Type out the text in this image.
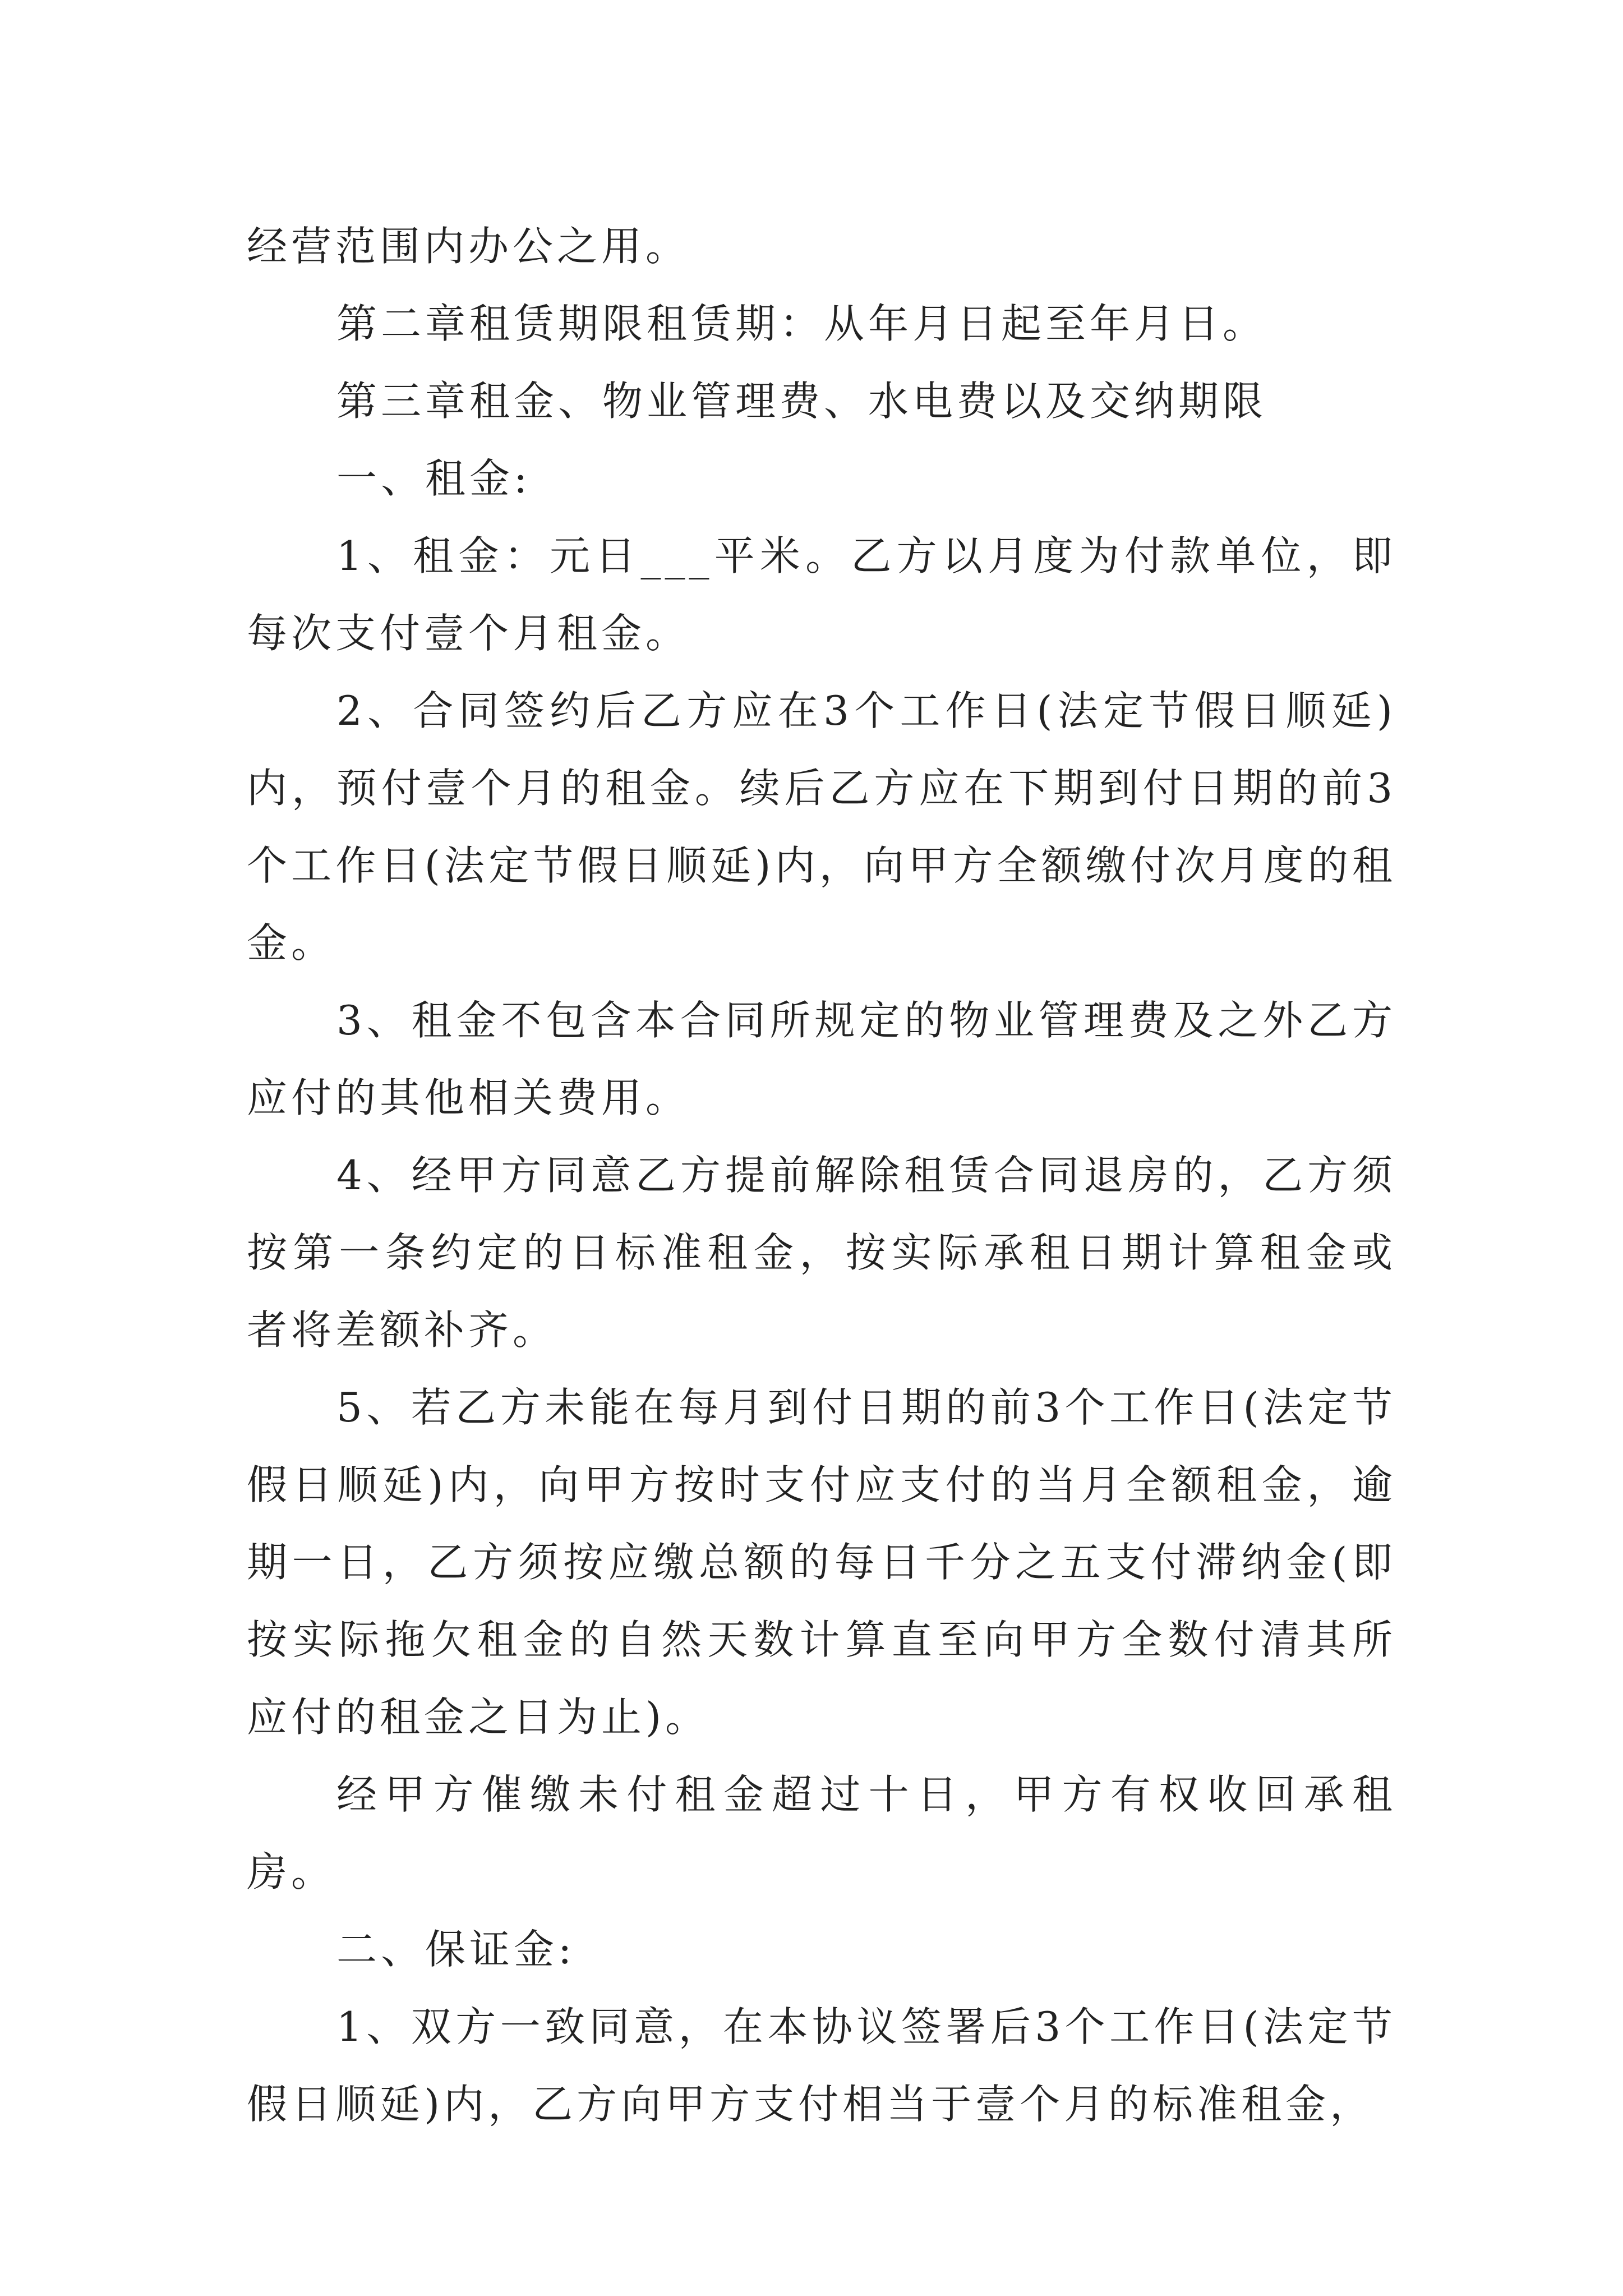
经营范围内办公之用。

第二章租赁期限租赁期：从年月日起至年月日。

第三章租金、物业管理费、水电费以及交纳期限

一、租金:

1、租金：元日___平米。乙方以月度为付款单位，即每次支付壹个月租金。

2、合同签约后乙方应在3个工作日(法定节假日顺延)内，预付壹个月的租金。续后乙方应在下期到付日期的前3个工作日(法定节假日顺延)内，向甲方全额缴付次月度的租金。

3、租金不包含本合同所规定的物业管理费及之外乙方应付的其他相关费用。

4、经甲方同意乙方提前解除租赁合同退房的，乙方须按第一条约定的日标准租金，按实际承租日期计算租金或者将差额补齐。

5、若乙方未能在每月到付日期的前3个工作日(法定节假日顺延)内，向甲方按时支付应支付的当月全额租金，逾期一日，乙方须按应缴总额的每日千分之五支付滞纳金(即按实际拖欠租金的自然天数计算直至向甲方全数付清其所应付的租金之日为止)。

经甲方催缴未付租金超过十日，甲方有权收回承租房。

二、保证金:

1、双方一致同意，在本协议签署后3个工作日(法定节假日顺延)内，乙方向甲方支付相当于壹个月的标准租金，
